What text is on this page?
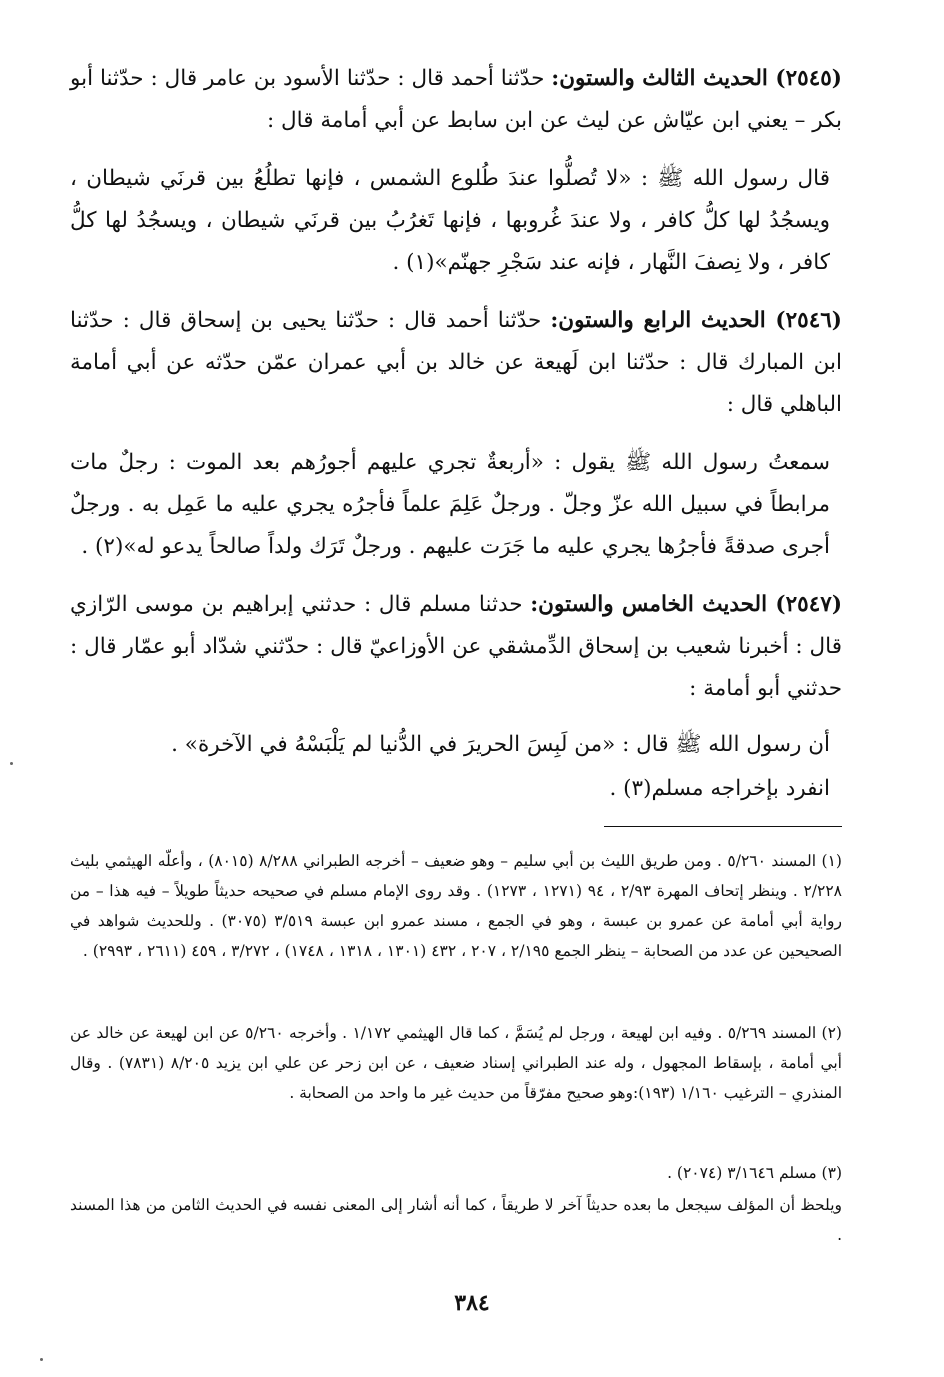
(٢٥٤٥) الحديث الثالث والستون: حدّثنا أحمد قال : حدّثنا الأسود بن عامر قال : حدّثنا أبو بكر – يعني ابن عيّاش عن ليث عن ابن سابط عن أبي أمامة قال :

قال رسول الله ﷺ : «لا تُصلُّوا عندَ طُلوع الشمس ، فإنها تطلُعُ بين قرنَي شيطان ، ويسجُدُ لها كلُّ كافر ، ولا عندَ غُروبها ، فإنها تَغرُبُ بين قرنَي شيطان ، ويسجُدُ لها كلُّ كافر ، ولا نِصفَ النَّهار ، فإنه عند سَجْرِ جهنّم»(١) .

(٢٥٤٦) الحديث الرابع والستون: حدّثنا أحمد قال : حدّثنا يحيى بن إسحاق قال : حدّثنا ابن المبارك قال : حدّثنا ابن لَهيعة عن خالد بن أبي عمران عمّن حدّثه عن أبي أمامة الباهلي قال :

سمعتُ رسول الله ﷺ يقول : «أربعةٌ تجري عليهم أجورُهم بعد الموت : رجلٌ مات مرابطاً في سبيل الله عزّ وجلّ . ورجلٌ عَلِمَ علماً فأجرُه يجري عليه ما عَمِل به . ورجلٌ أجرى صدقةً فأجرُها يجري عليه ما جَرَت عليهم . ورجلٌ تَرَك ولداً صالحاً يدعو له»(٢) .

(٢٥٤٧) الحديث الخامس والستون: حدثنا مسلم قال : حدثني إبراهيم بن موسى الرّازي قال : أخبرنا شعيب بن إسحاق الدِّمشقي عن الأوزاعيّ قال : حدّثني شدّاد أبو عمّار قال : حدثني أبو أمامة :

أن رسول الله ﷺ قال : «من لَبِسَ الحريرَ في الدُّنيا لم يَلْبَسْهُ في الآخرة» .

انفرد بإخراجه مسلم(٣) .

(١) المسند ٥/٢٦٠ . ومن طريق الليث بن أبي سليم – وهو ضعيف – أخرجه الطبراني ٨/٢٨٨ (٨٠١٥) ، وأعلّه الهيثمي بليث ٢/٢٢٨ . وينظر إتحاف المهرة ٢/٩٣ ، ٩٤ (١٢٧١ ، ١٢٧٣) . وقد روى الإمام مسلم في صحيحه حديثاً طويلاً – فيه هذا – من رواية أبي أمامة عن عمرو بن عبسة ، وهو في الجمع ، مسند عمرو ابن عبسة ٣/٥١٩ (٣٠٧٥) . وللحديث شواهد في الصحيحين عن عدد من الصحابة – ينظر الجمع ٢/١٩٥ ، ٢٠٧ ، ٤٣٢ (١٣٠١ ، ١٣١٨ ، ١٧٤٨) ، ٣/٢٧٢ ، ٤٥٩ (٢٦١١ ، ٢٩٩٣) .

(٢) المسند ٥/٢٦٩ . وفيه ابن لهيعة ، ورجل لم يُسَمَّ ، كما قال الهيثمي ١/١٧٢ . وأخرجه ٥/٢٦٠ عن ابن لهيعة عن خالد عن أبي أمامة ، بإسقاط المجهول ، وله عند الطبراني إسناد ضعيف ، عن ابن زحر عن علي ابن يزيد ٨/٢٠٥ (٧٨٣١) . وقال المنذري – الترغيب ١/١٦٠ (١٩٣):وهو صحيح مفرّقاً من حديث غير ما واحد من الصحابة .

(٣) مسلم ٣/١٦٤٦ (٢٠٧٤) .

ويلحظ أن المؤلف سيجعل ما بعده حديثاً آخر لا طريقاً ، كما أنه أشار إلى المعنى نفسه في الحديث الثامن من هذا المسند .

٣٨٤
